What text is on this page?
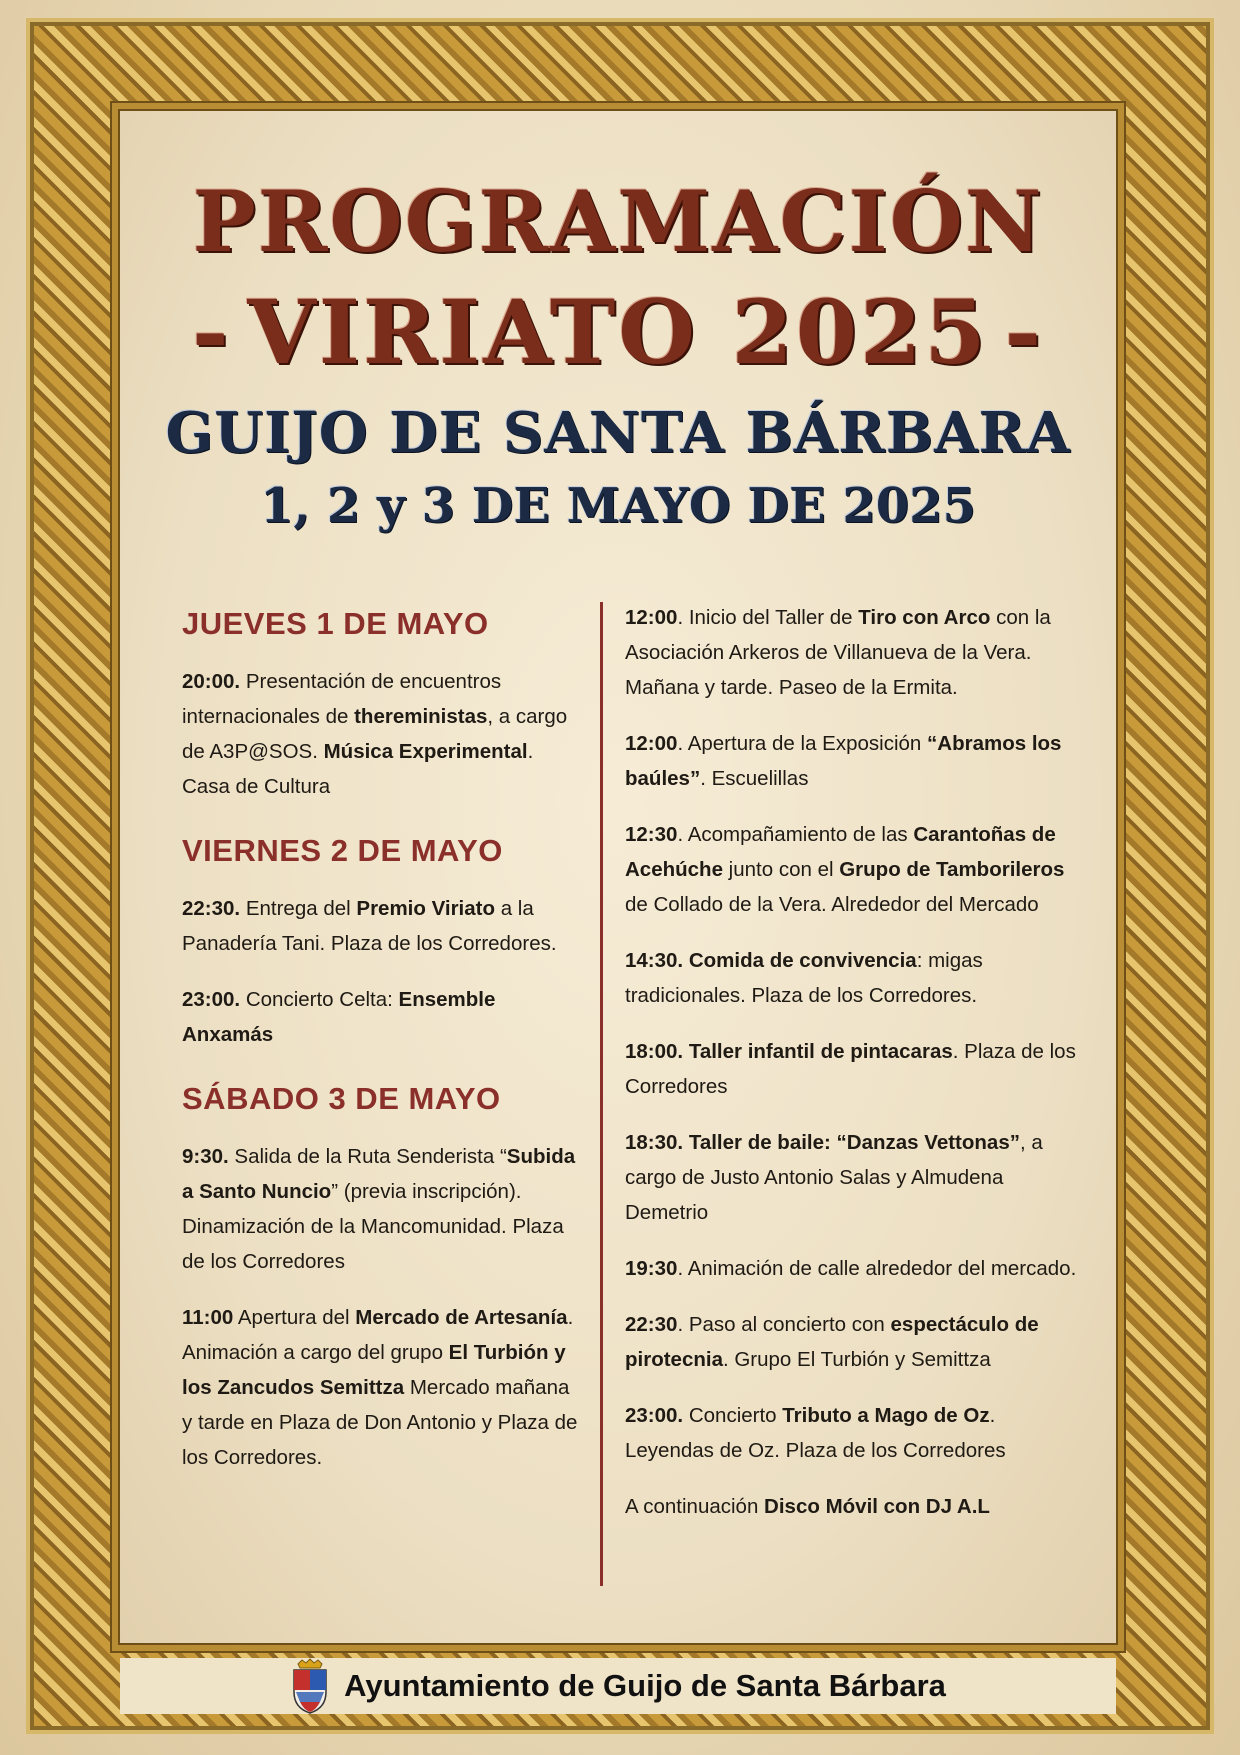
PROGRAMACIÓN
- VIRIATO 2025 -
GUIJO DE SANTA BÁRBARA
1, 2 y 3 DE MAYO DE 2025
JUEVES 1 DE MAYO

20:00. Presentación de encuentros internacionales de thereministas, a cargo de A3P@SOS. Música Experimental. Casa de Cultura

VIERNES 2 DE MAYO

22:30. Entrega del Premio Viriato a la Panadería Tani. Plaza de los Corredores.

23:00. Concierto Celta: Ensemble Anxamás

SÁBADO 3 DE MAYO

9:30. Salida de la Ruta Senderista “Subida a Santo Nuncio” (previa inscripción). Dinamización de la Mancomunidad. Plaza de los Corredores

11:00 Apertura del Mercado de Artesanía. Animación a cargo del grupo El Turbión y los Zancudos Semittza Mercado mañana y tarde en Plaza de Don Antonio y Plaza de los Corredores.

12:00. Inicio del Taller de Tiro con Arco con la Asociación Arkeros de Villanueva de la Vera. Mañana y tarde. Paseo de la Ermita.

12:00. Apertura de la Exposición “Abramos los baúles”. Escuelillas

12:30. Acompañamiento de las Carantoñas de Acehúche junto con el Grupo de Tamborileros de Collado de la Vera. Alrededor del Mercado

14:30. Comida de convivencia: migas tradicionales. Plaza de los Corredores.

18:00. Taller infantil de pintacaras. Plaza de los Corredores

18:30. Taller de baile: “Danzas Vettonas”, a cargo de Justo Antonio Salas y Almudena Demetrio

19:30. Animación de calle alrededor del mercado.

22:30. Paso al concierto con espectáculo de pirotecnia. Grupo El Turbión y Semittza

23:00. Concierto Tributo a Mago de Oz. Leyendas de Oz. Plaza de los Corredores

A continuación Disco Móvil con DJ A.L

Ayuntamiento de Guijo de Santa Bárbara
